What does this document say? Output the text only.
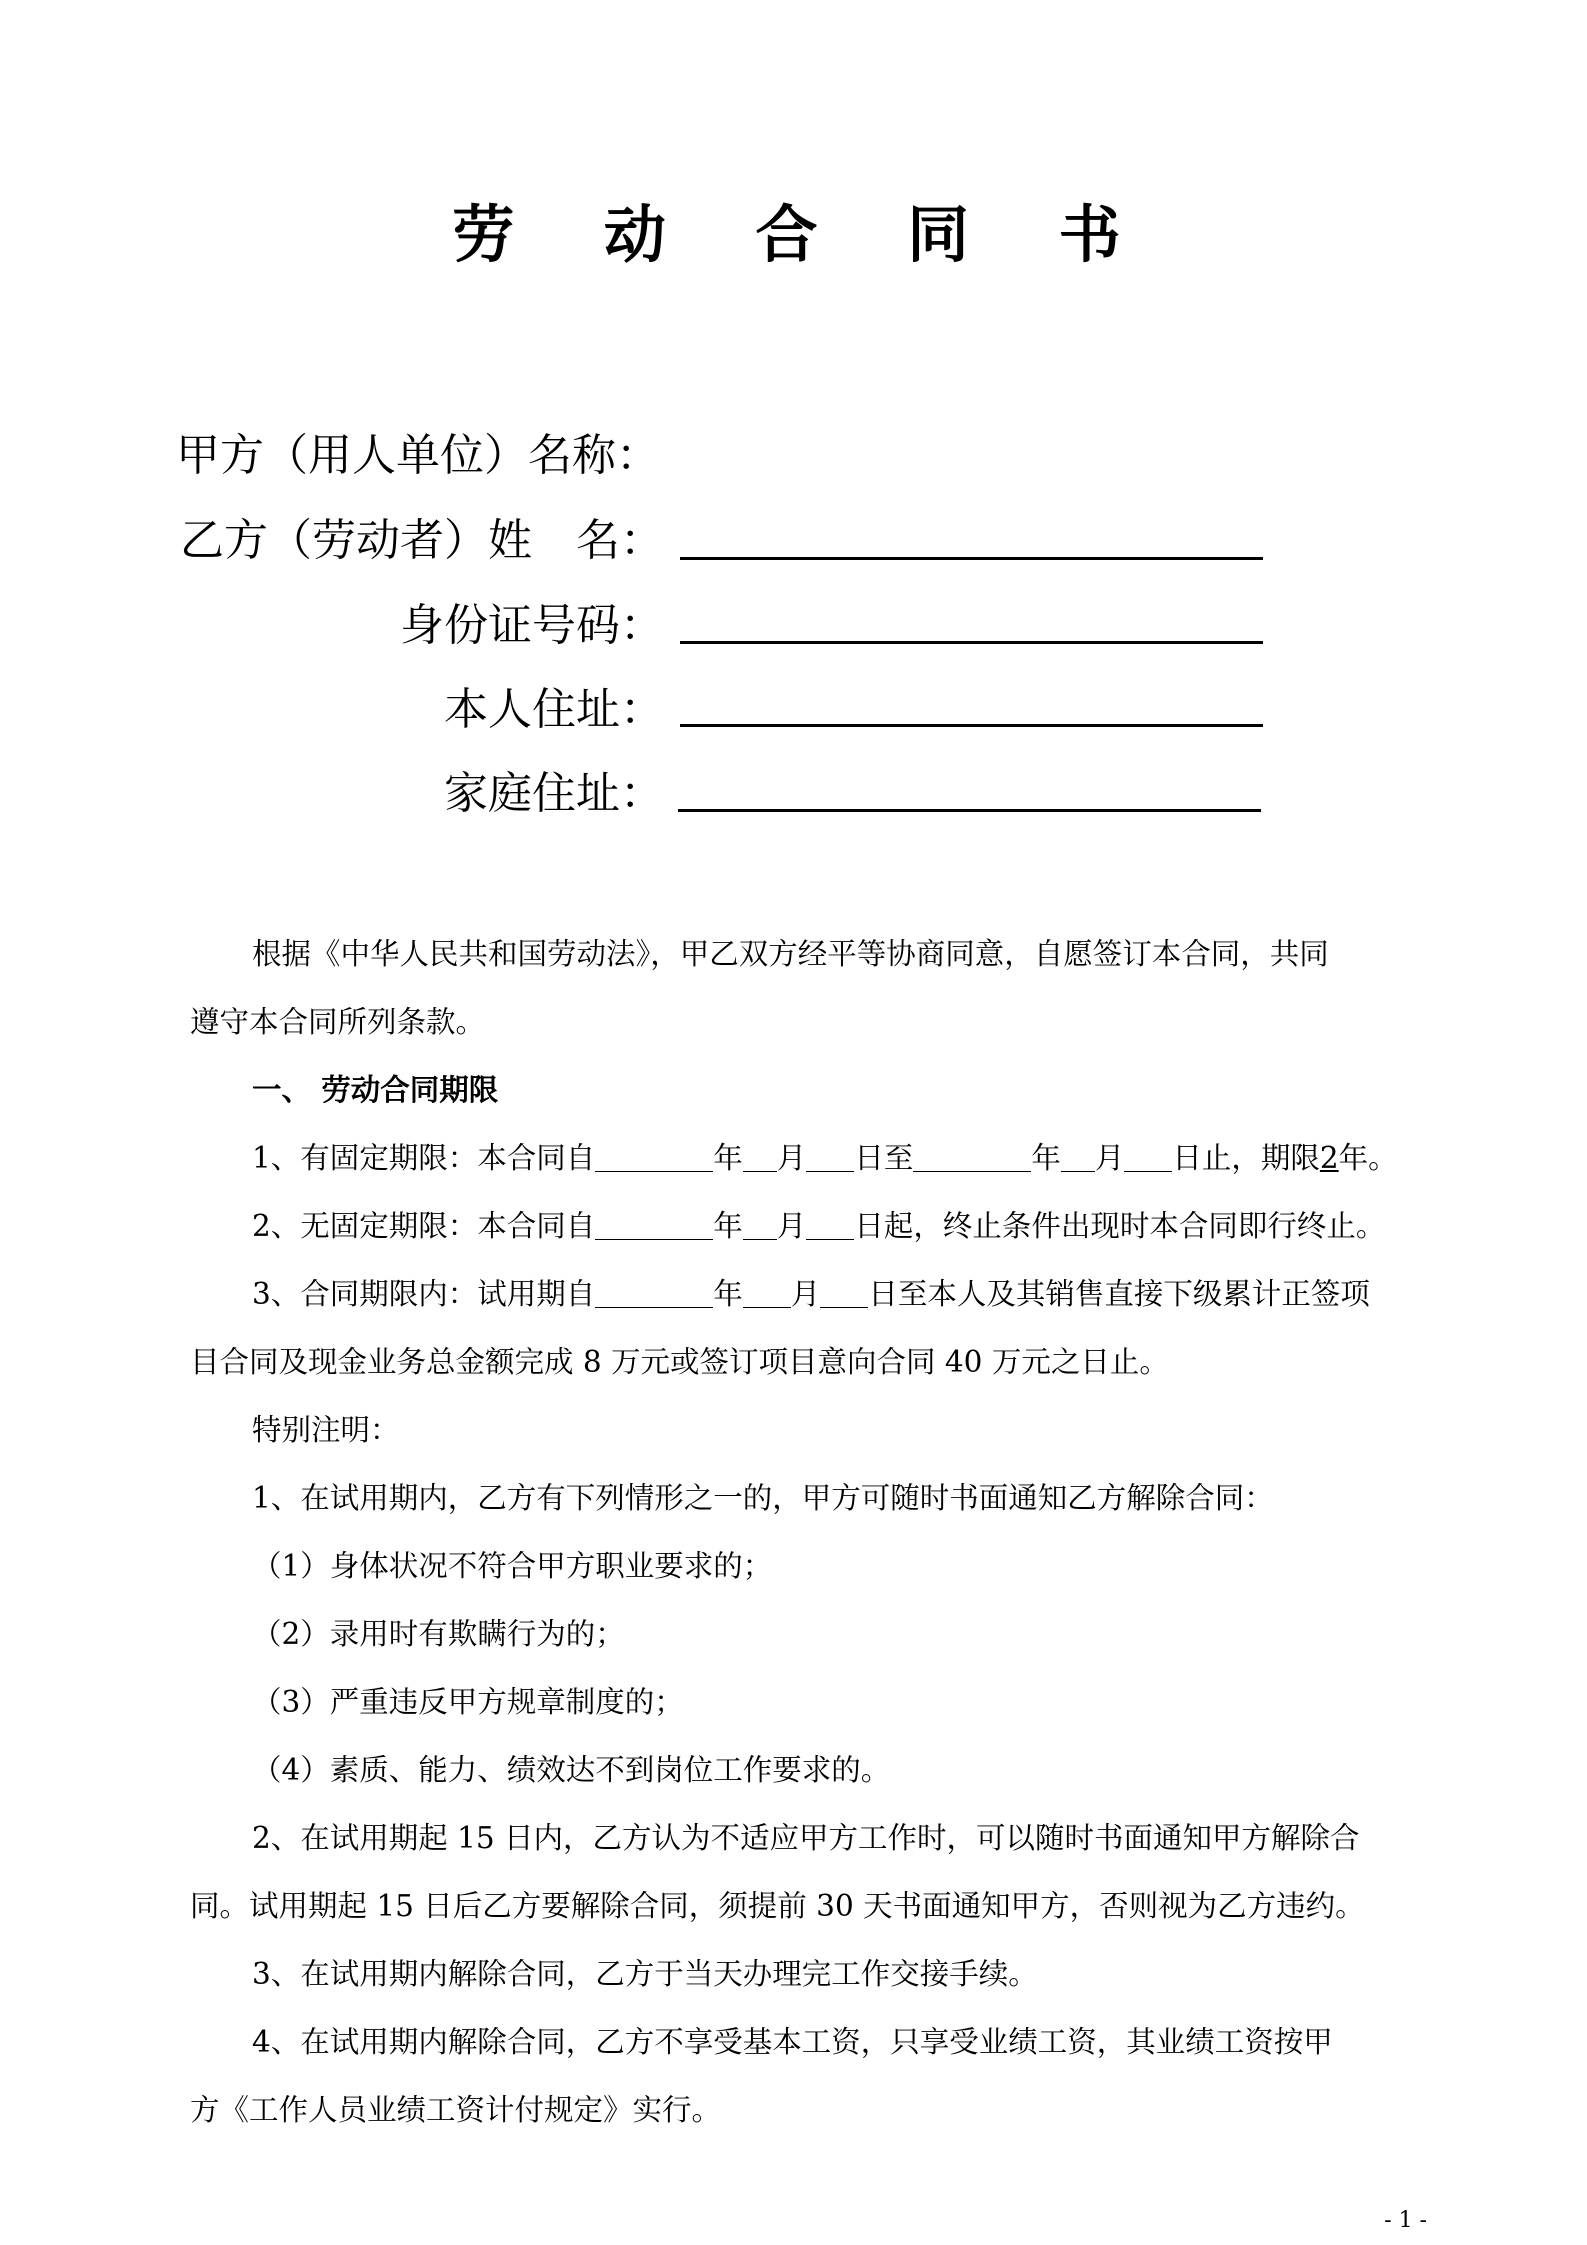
劳 动 合 同 书
甲方（用人单位）名称：
乙方（劳动者）姓　名：
身份证号码：
本人住址：
家庭住址：

根据《中华人民共和国劳动法》，甲乙双方经平等协商同意，自愿签订本合同，共同

遵守本合同所列条款。

一、 劳动合同期限

1、有固定期限：本合同自	年 月 日至	年 月 日止，期限2年。

2、无固定期限：本合同自	年 月 日起，终止条件出现时本合同即行终止。

3、合同期限内：试用期自	年 月 日至本人及其销售直接下级累计正签项

目合同及现金业务总金额完成 8 万元或签订项目意向合同 40 万元之日止。

特别注明：

1、在试用期内，乙方有下列情形之一的，甲方可随时书面通知乙方解除合同：

（1）身体状况不符合甲方职业要求的；

（2）录用时有欺瞒行为的；

（3）严重违反甲方规章制度的；

（4）素质、能力、绩效达不到岗位工作要求的。

2、在试用期起 15 日内，乙方认为不适应甲方工作时，可以随时书面通知甲方解除合

同。试用期起 15 日后乙方要解除合同，须提前 30 天书面通知甲方，否则视为乙方违约。

3、在试用期内解除合同，乙方于当天办理完工作交接手续。

4、在试用期内解除合同，乙方不享受基本工资，只享受业绩工资，其业绩工资按甲

方《工作人员业绩工资计付规定》实行。

- 1 -
